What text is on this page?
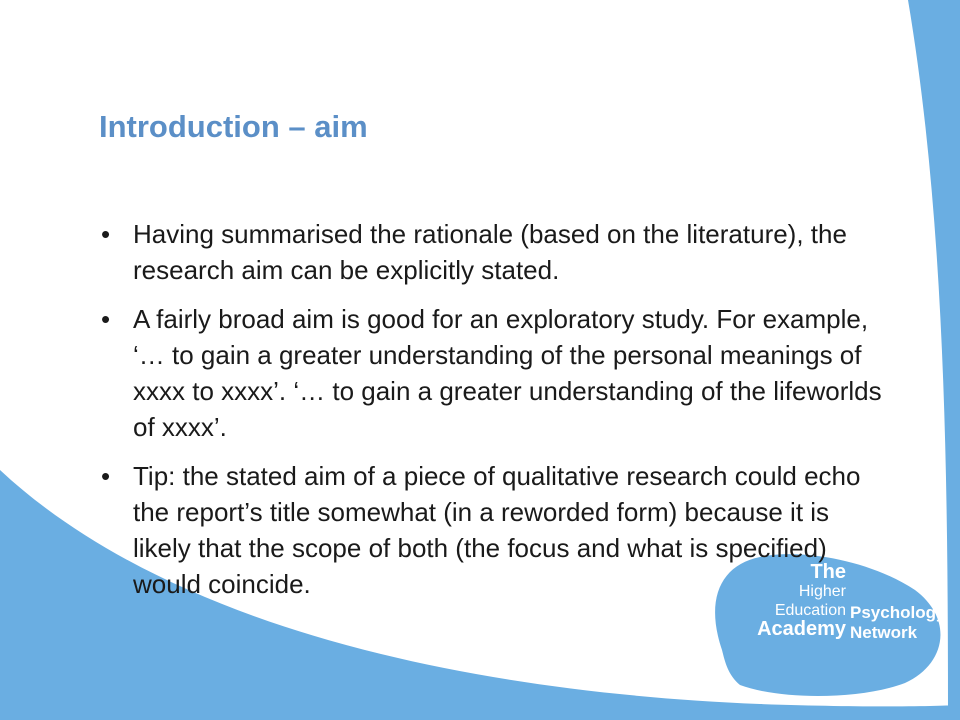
Introduction – aim
• Having summarised the rationale (based on the literature), the research aim can be explicitly stated.
• A fairly broad aim is good for an exploratory study. For example, ‘… to gain a greater understanding of the personal meanings of xxxx to xxxx’. ‘… to gain a greater understanding of the lifeworlds of xxxx’.
• Tip: the stated aim of a piece of qualitative research could echo the report’s title somewhat (in a reworded form) because it is likely that the scope of both (the focus and what is specified) would coincide.	The
Higher
Education
Academy
Psychology
Network
